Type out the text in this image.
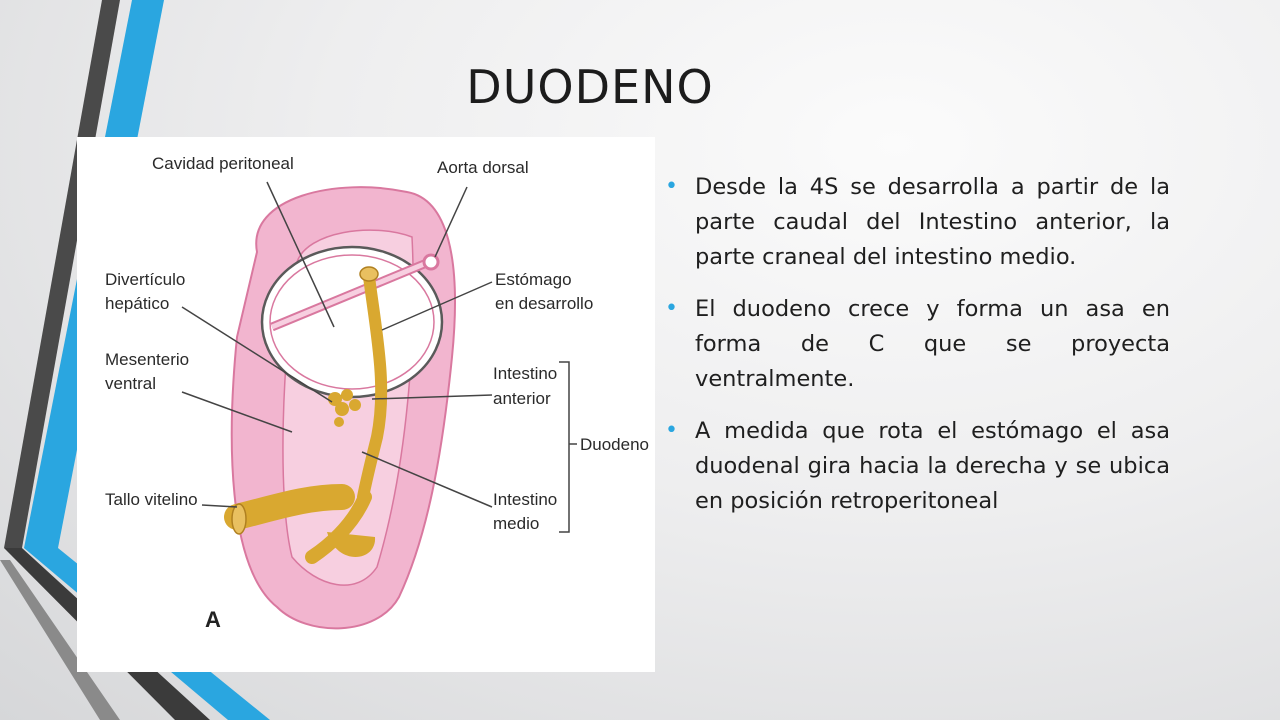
DUODENO
Cavidad peritoneal	Aorta dorsal
Divertículo
hepático
Estómago
en desarrollo
Mesenterio
ventral
Intestino
anterior
Duodeno
Tallo vitelino	Intestino
medio
A
• Desde la 4S se desarrolla a partir de la parte caudal del Intestino anterior, la parte craneal del intestino medio.
• El duodeno crece y forma un asa en forma de C que se proyecta ventralmente.
• A medida que rota el estómago el asa duodenal gira hacia la derecha y se ubica en posición retroperitoneal
